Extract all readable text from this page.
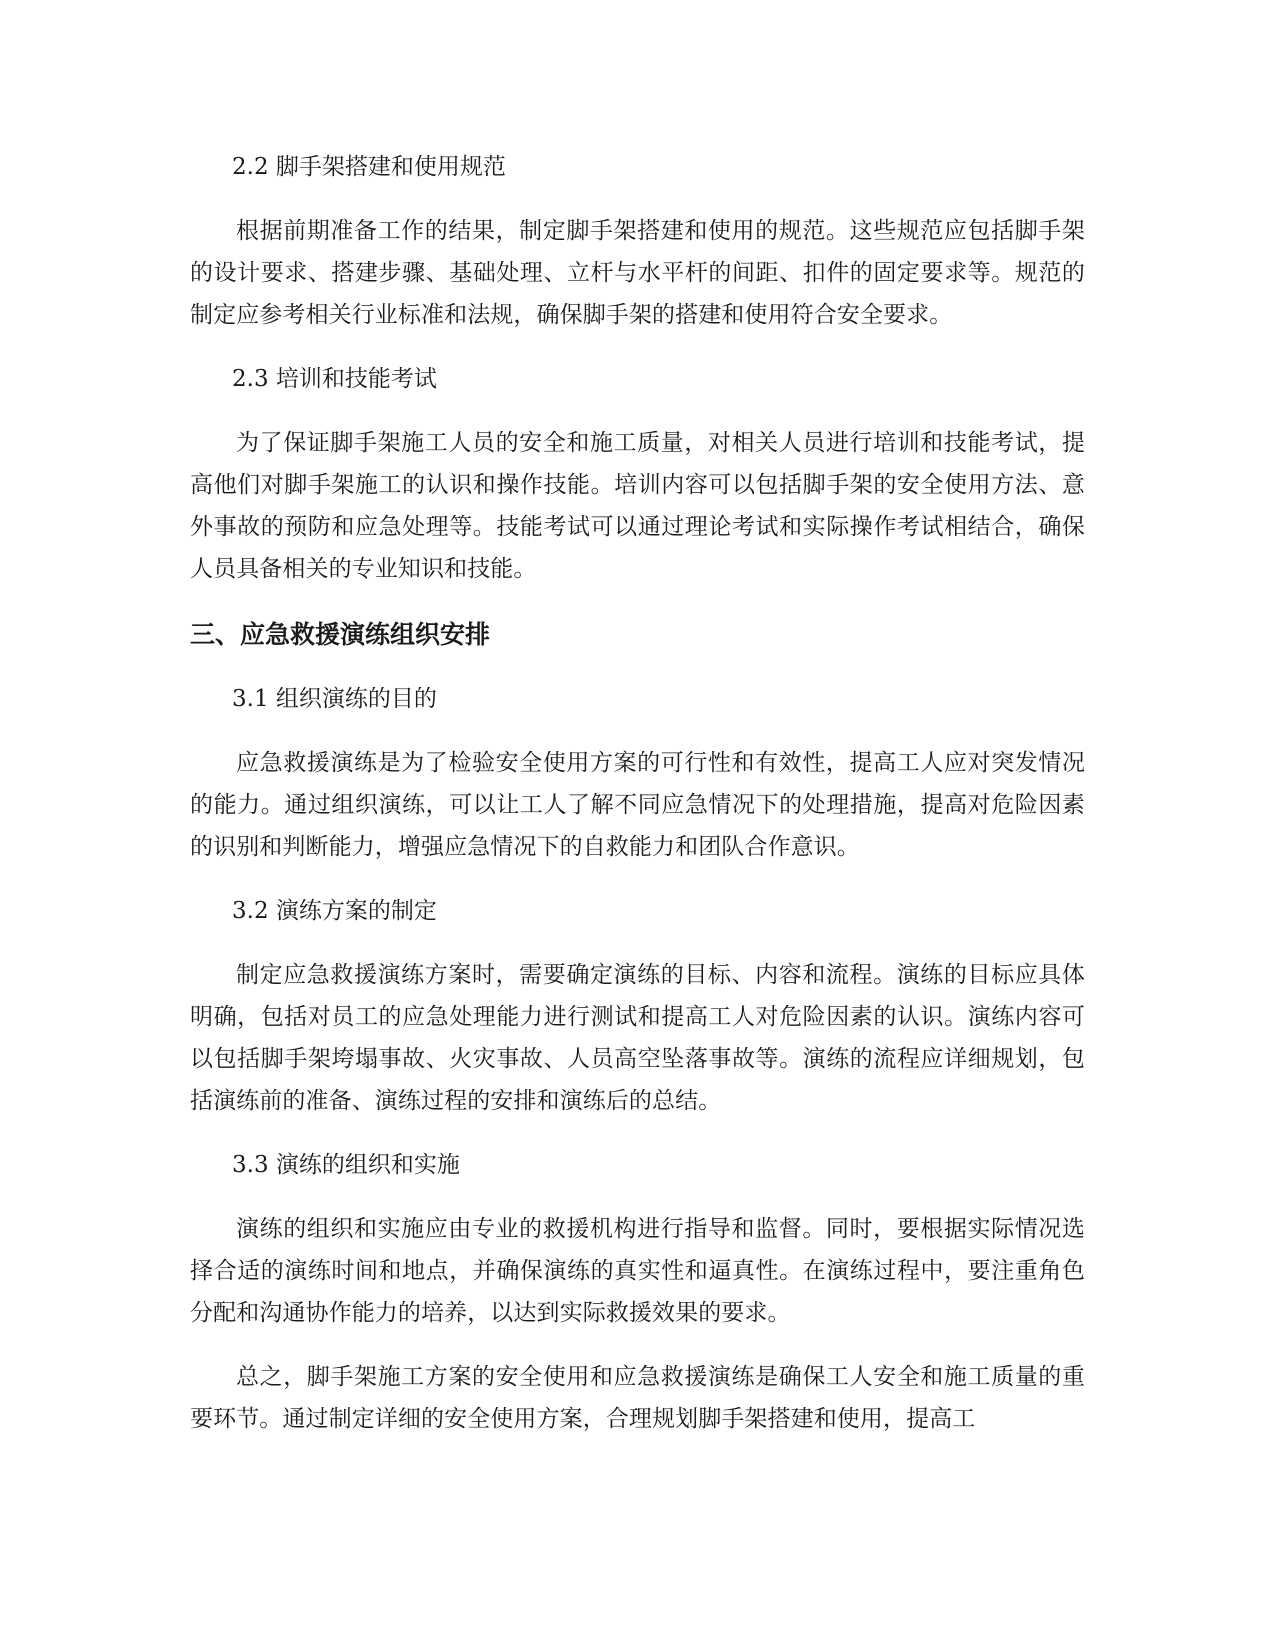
2.2 脚手架搭建和使用规范

根据前期准备工作的结果，制定脚手架搭建和使用的规范。这些规范应包括脚手架的设计要求、搭建步骤、基础处理、立杆与水平杆的间距、扣件的固定要求等。规范的制定应参考相关行业标准和法规，确保脚手架的搭建和使用符合安全要求。

2.3 培训和技能考试

为了保证脚手架施工人员的安全和施工质量，对相关人员进行培训和技能考试，提高他们对脚手架施工的认识和操作技能。培训内容可以包括脚手架的安全使用方法、意外事故的预防和应急处理等。技能考试可以通过理论考试和实际操作考试相结合，确保人员具备相关的专业知识和技能。

三、应急救援演练组织安排

3.1 组织演练的目的

应急救援演练是为了检验安全使用方案的可行性和有效性，提高工人应对突发情况的能力。通过组织演练，可以让工人了解不同应急情况下的处理措施，提高对危险因素的识别和判断能力，增强应急情况下的自救能力和团队合作意识。

3.2 演练方案的制定

制定应急救援演练方案时，需要确定演练的目标、内容和流程。演练的目标应具体明确，包括对员工的应急处理能力进行测试和提高工人对危险因素的认识。演练内容可以包括脚手架垮塌事故、火灾事故、人员高空坠落事故等。演练的流程应详细规划，包括演练前的准备、演练过程的安排和演练后的总结。

3.3 演练的组织和实施

演练的组织和实施应由专业的救援机构进行指导和监督。同时，要根据实际情况选择合适的演练时间和地点，并确保演练的真实性和逼真性。在演练过程中，要注重角色分配和沟通协作能力的培养，以达到实际救援效果的要求。

总之，脚手架施工方案的安全使用和应急救援演练是确保工人安全和施工质量的重要环节。通过制定详细的安全使用方案，合理规划脚手架搭建和使用，提高工
